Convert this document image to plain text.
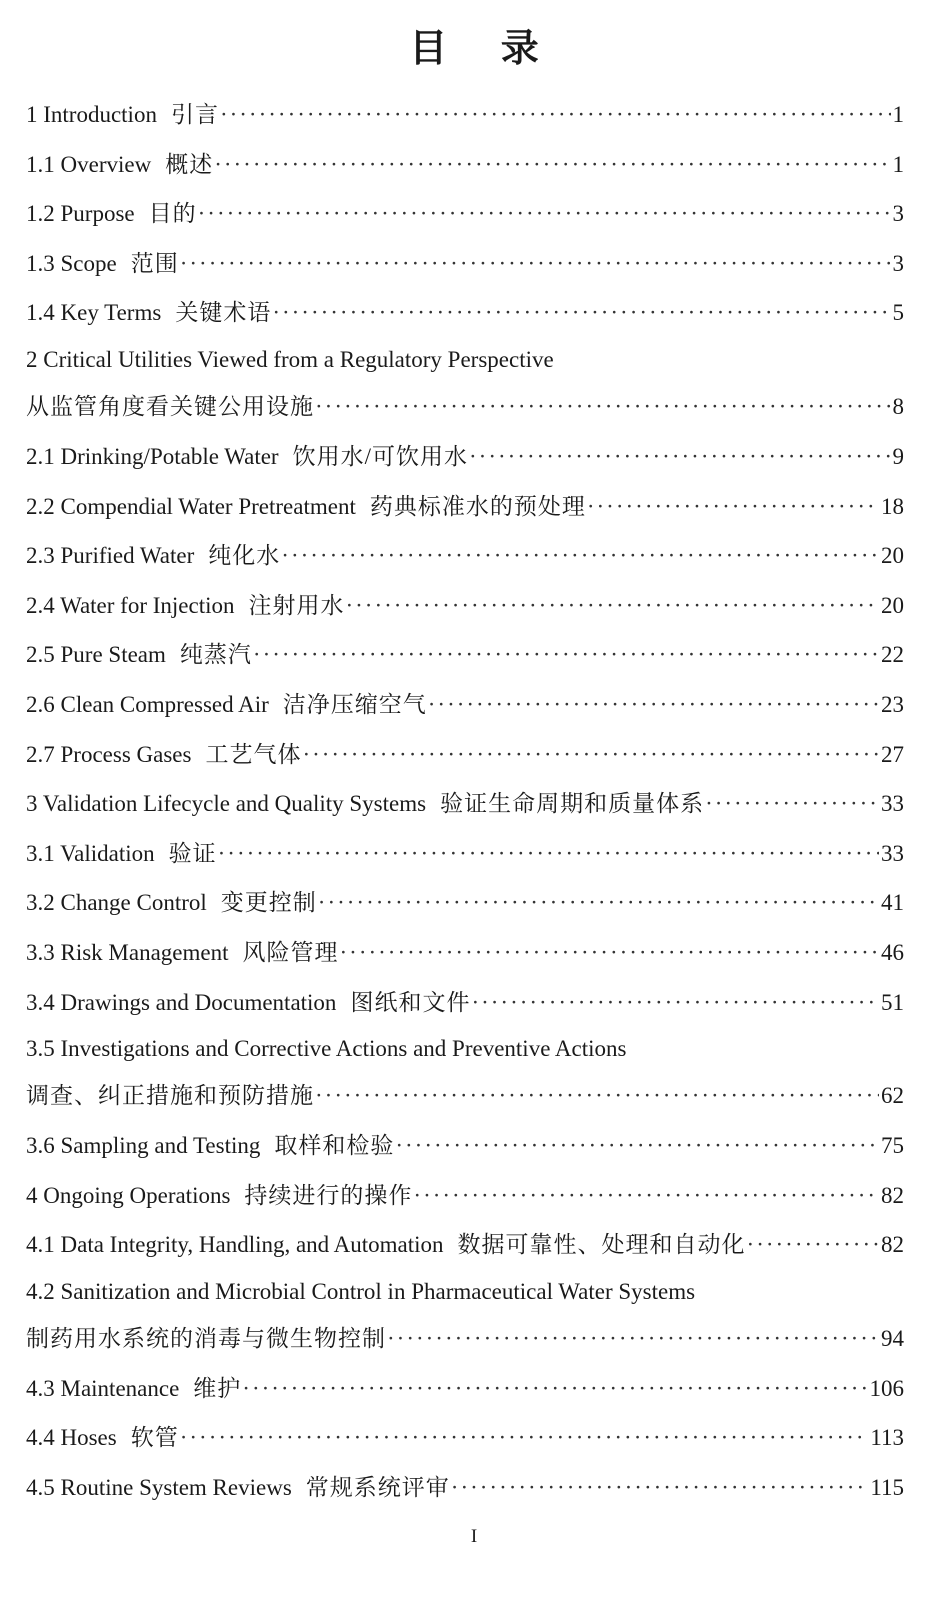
目 录
1 Introduction 引言 ·····	1
1.1 Overview 概述 ·····	1
1.2 Purpose 目的 ·····	3
1.3 Scope 范围 ·····	3
1.4 Key Terms 关键术语 ·····	5
2 Critical Utilities Viewed from a Regulatory Perspective
从监管角度看关键公用设施 ·····	8
2.1 Drinking/Potable Water 饮用水/可饮用水 ·····	9
2.2 Compendial Water Pretreatment 药典标准水的预处理 ·····	18
2.3 Purified Water 纯化水 ·····	20
2.4 Water for Injection 注射用水 ·····	20
2.5 Pure Steam 纯蒸汽 ·····	22
2.6 Clean Compressed Air 洁净压缩空气 ·····	23
2.7 Process Gases 工艺气体 ·····	27
3 Validation Lifecycle and Quality Systems 验证生命周期和质量体系 ·····	33
3.1 Validation 验证 ·····	33
3.2 Change Control 变更控制 ·····	41
3.3 Risk Management 风险管理 ·····	46
3.4 Drawings and Documentation 图纸和文件 ·····	51
3.5 Investigations and Corrective Actions and Preventive Actions
调查、纠正措施和预防措施 ·····	62
3.6 Sampling and Testing 取样和检验 ·····	75
4 Ongoing Operations 持续进行的操作 ·····	82
4.1 Data Integrity, Handling, and Automation 数据可靠性、处理和自动化 ·····	82
4.2 Sanitization and Microbial Control in Pharmaceutical Water Systems
制药用水系统的消毒与微生物控制 ·····	94
4.3 Maintenance 维护 ·····	106
4.4 Hoses 软管 ·····	113
4.5 Routine System Reviews 常规系统评审 ·····	115
I
